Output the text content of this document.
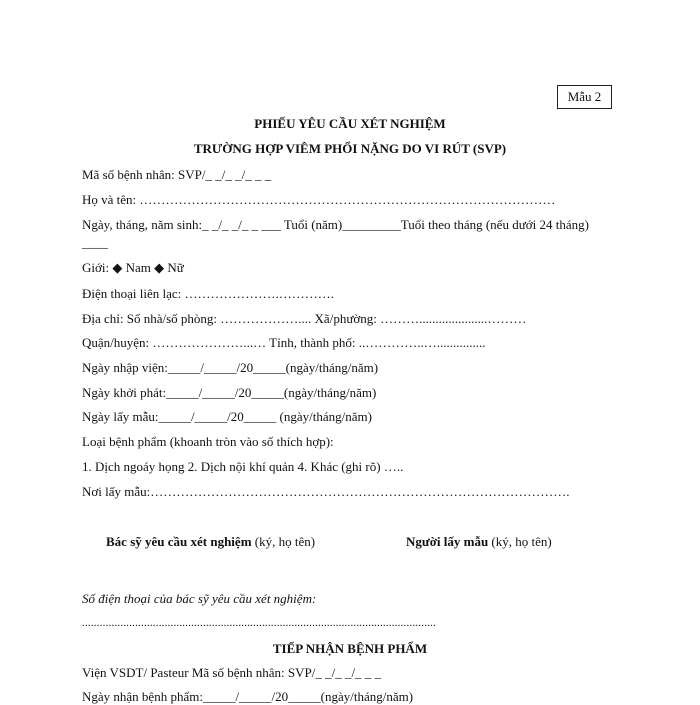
Mẫu 2
PHIẾU YÊU CẦU XÉT NGHIỆM
TRƯỜNG HỢP VIÊM PHỔI NẶNG DO VI RÚT (SVP)
Mã số bệnh nhân: SVP/_ _/_ _/_ _ _
Họ và tên: ……………………………………………………………………………………
Ngày, tháng, năm sinh:_ _/_ _/_ _ ___ Tuổi (năm)_________Tuổi theo tháng (nếu dưới 24 tháng) ____
Giới: ◆ Nam ◆ Nữ
Điện thoại liên lạc: ………………….………….
Địa chỉ: Số nhà/số phòng: ……………….... Xã/phường: ……….....................………
Quận/huyện: …………………...… Tỉnh, thành phố: ..…………..…...............
Ngày nhập viện:_____/_____/20_____(ngày/tháng/năm)
Ngày khởi phát:_____/_____/20_____(ngày/tháng/năm)
Ngày lấy mẫu:_____/_____/20_____ (ngày/tháng/năm)
Loại bệnh phẩm (khoanh tròn vào số thích hợp):
1. Dịch ngoáy họng 2. Dịch nội khí quản 4. Khác (ghi rõ) …..
Nơi lấy mẫu:…………………………………………………………………………………….
Bác sỹ yêu cầu xét nghiệm (ký, họ tên)	Người lấy mẫu (ký, họ tên)
Số điện thoại của bác sỹ yêu cầu xét nghiệm:
........................................................................................................................
TIẾP NHẬN BỆNH PHẨM
Viện VSDT/ Pasteur Mã số bệnh nhân: SVP/_ _/_ _/_ _ _
Ngày nhận bệnh phẩm:_____/_____/20_____(ngày/tháng/năm)
